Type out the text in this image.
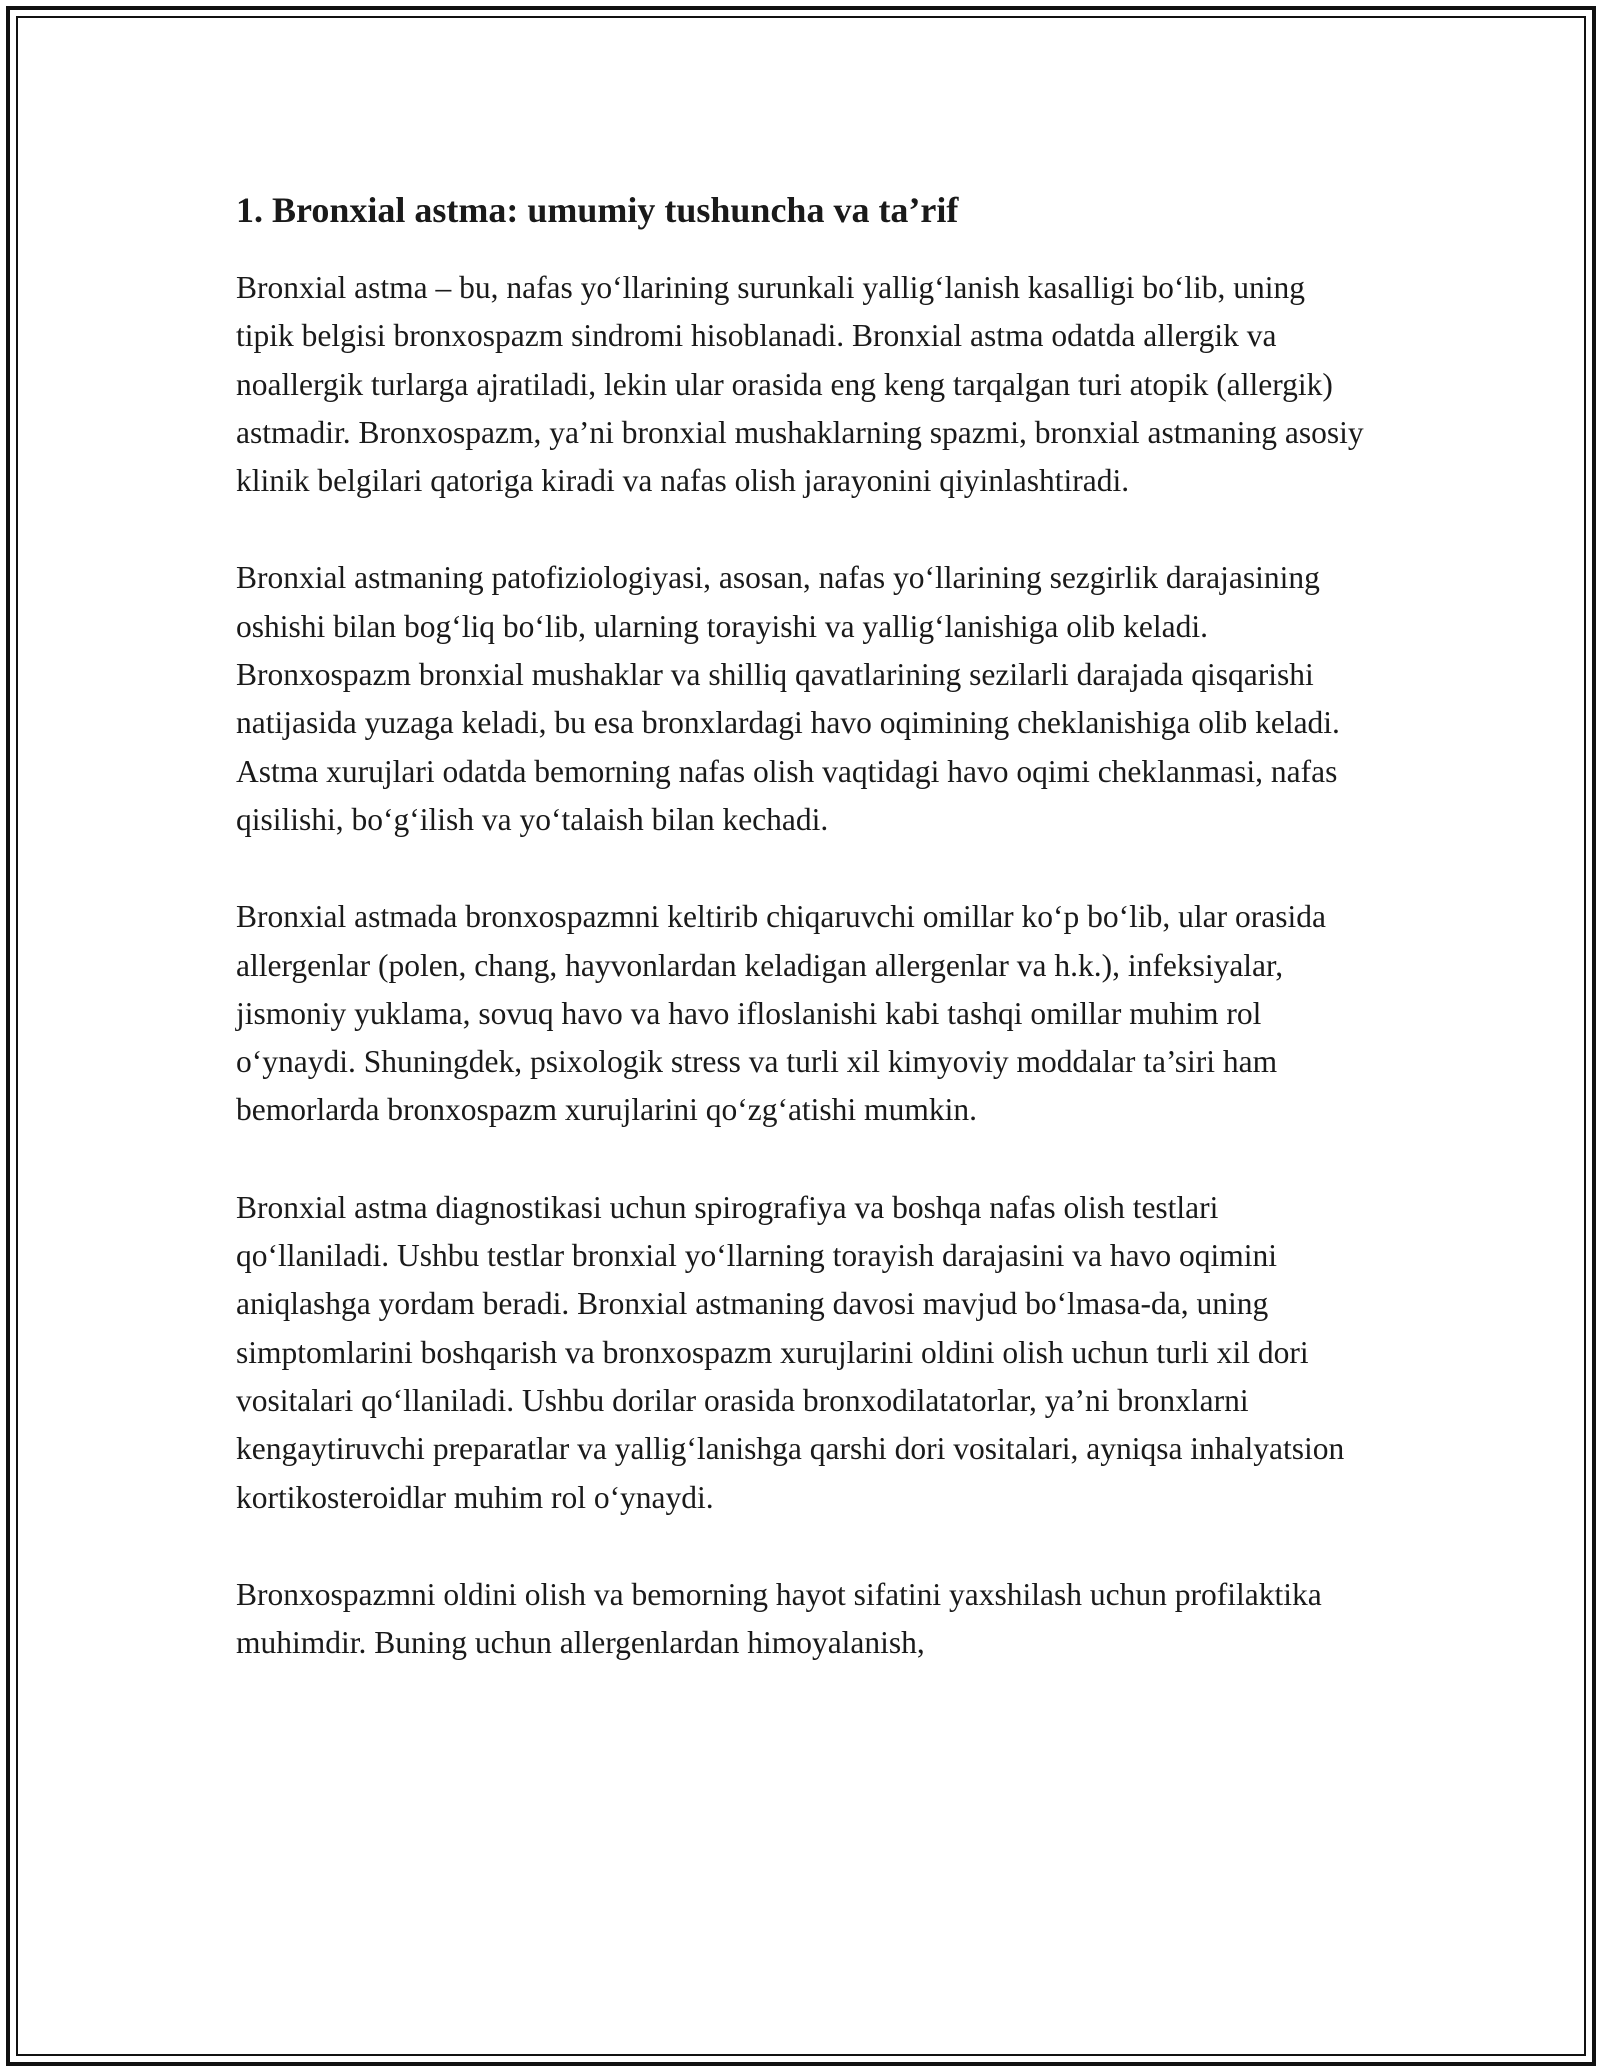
1. Bronxial astma: umumiy tushuncha va ta’rif

Bronxial astma – bu, nafas yo‘llarining surunkali yallig‘lanish kasalligi bo‘lib, uning tipik belgisi bronxospazm sindromi hisoblanadi. Bronxial astma odatda allergik va noallergik turlarga ajratiladi, lekin ular orasida eng keng tarqalgan turi atopik (allergik) astmadir. Bronxospazm, ya’ni bronxial mushaklarning spazmi, bronxial astmaning asosiy klinik belgilari qatoriga kiradi va nafas olish jarayonini qiyinlashtiradi.

Bronxial astmaning patofiziologiyasi, asosan, nafas yo‘llarining sezgirlik darajasining oshishi bilan bog‘liq bo‘lib, ularning torayishi va yallig‘lanishiga olib keladi. Bronxospazm bronxial mushaklar va shilliq qavatlarining sezilarli darajada qisqarishi natijasida yuzaga keladi, bu esa bronxlardagi havo oqimining cheklanishiga olib keladi. Astma xurujlari odatda bemorning nafas olish vaqtidagi havo oqimi cheklanmasi, nafas qisilishi, bo‘g‘ilish va yo‘talaish bilan kechadi.

Bronxial astmada bronxospazmni keltirib chiqaruvchi omillar ko‘p bo‘lib, ular orasida allergenlar (polen, chang, hayvonlardan keladigan allergenlar va h.k.), infeksiyalar, jismoniy yuklama, sovuq havo va havo ifloslanishi kabi tashqi omillar muhim rol o‘ynaydi. Shuningdek, psixologik stress va turli xil kimyoviy moddalar ta’siri ham bemorlarda bronxospazm xurujlarini qo‘zg‘atishi mumkin.

Bronxial astma diagnostikasi uchun spirografiya va boshqa nafas olish testlari qo‘llaniladi. Ushbu testlar bronxial yo‘llarning torayish darajasini va havo oqimini aniqlashga yordam beradi. Bronxial astmaning davosi mavjud bo‘lmasa-da, uning simptomlarini boshqarish va bronxospazm xurujlarini oldini olish uchun turli xil dori vositalari qo‘llaniladi. Ushbu dorilar orasida bronxodilatatorlar, ya’ni bronxlarni kengaytiruvchi preparatlar va yallig‘lanishga qarshi dori vositalari, ayniqsa inhalyatsion kortikosteroidlar muhim rol o‘ynaydi.

Bronxospazmni oldini olish va bemorning hayot sifatini yaxshilash uchun profilaktika muhimdir. Buning uchun allergenlardan himoyalanish,
